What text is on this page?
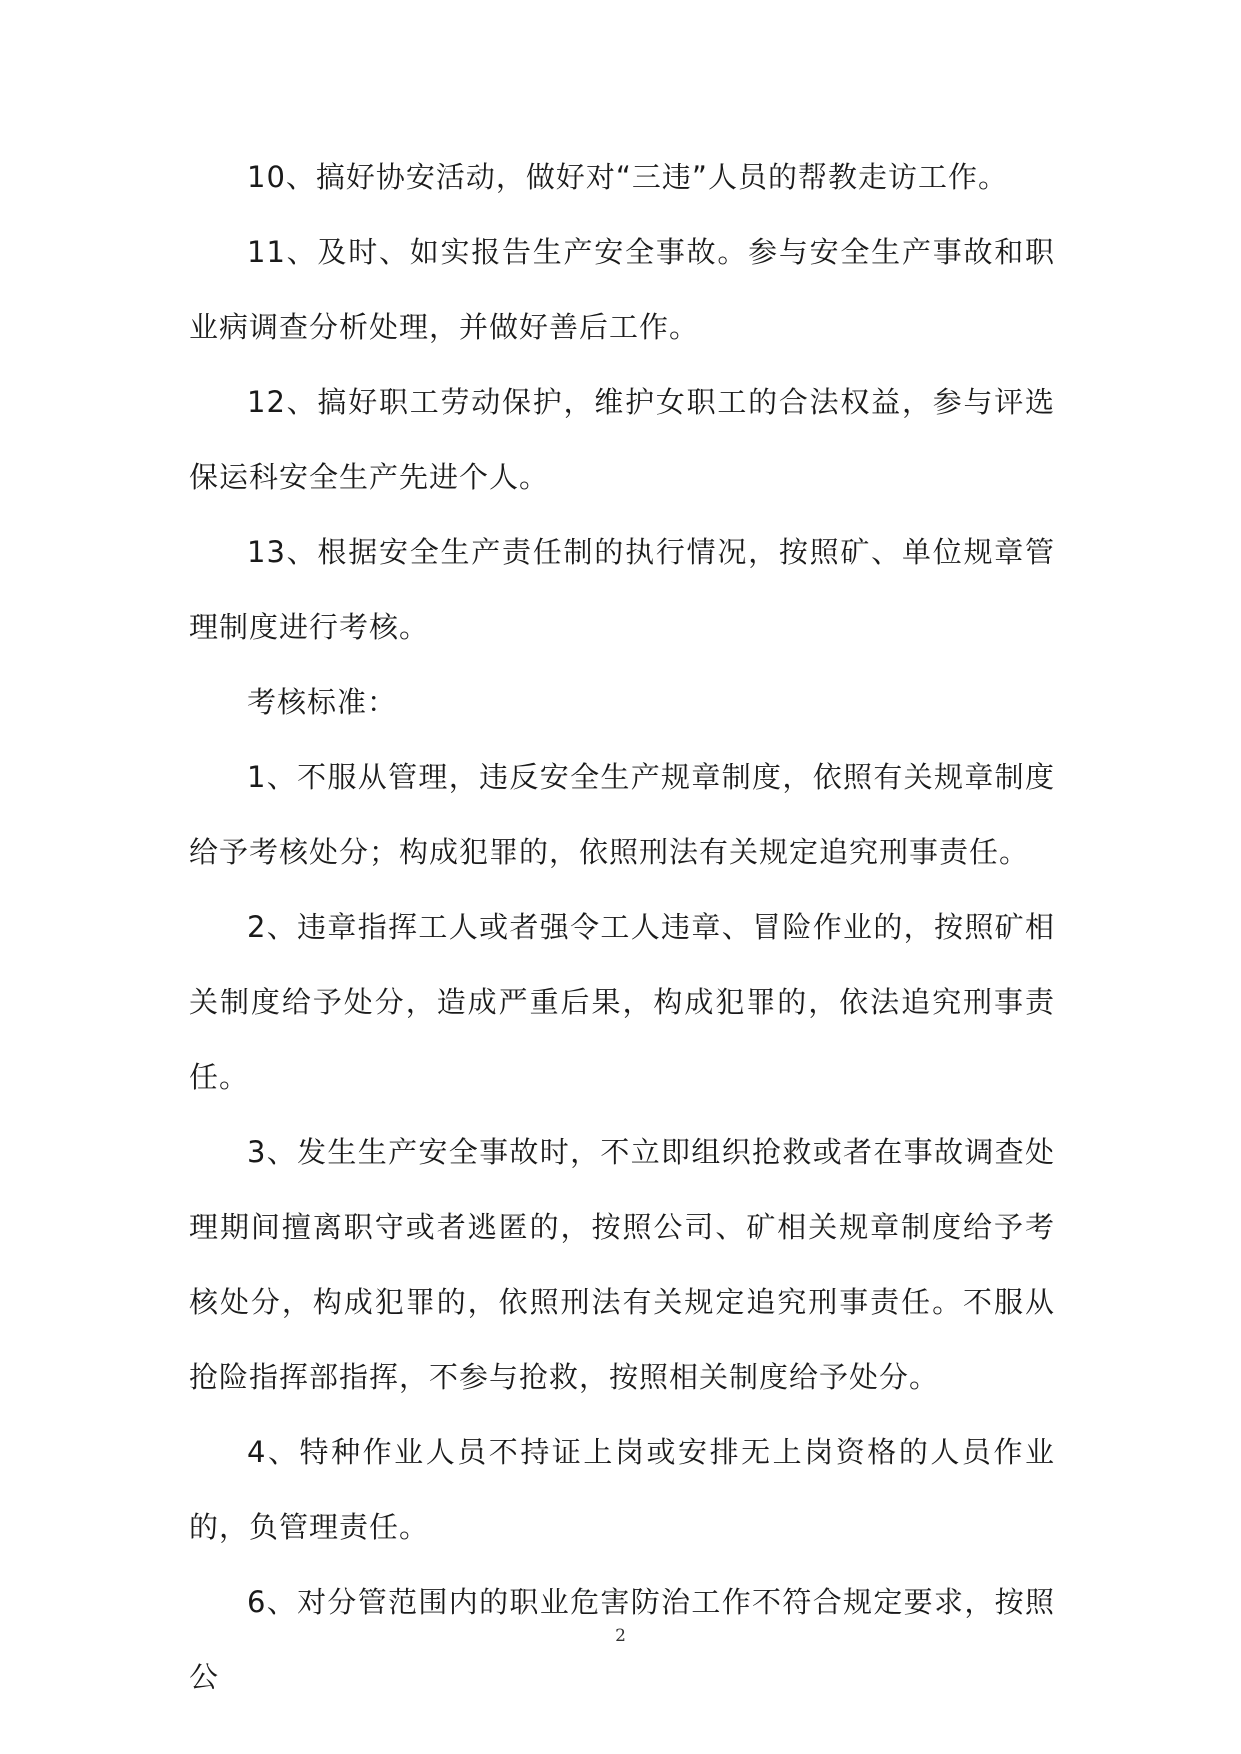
10、搞好协安活动，做好对“三违”人员的帮教走访工作。

11、及时、如实报告生产安全事故。参与安全生产事故和职业病调查分析处理，并做好善后工作。

12、搞好职工劳动保护，维护女职工的合法权益，参与评选保运科安全生产先进个人。

13、根据安全生产责任制的执行情况，按照矿、单位规章管理制度进行考核。

考核标准：

1、不服从管理，违反安全生产规章制度，依照有关规章制度给予考核处分；构成犯罪的，依照刑法有关规定追究刑事责任。

2、违章指挥工人或者强令工人违章、冒险作业的，按照矿相关制度给予处分，造成严重后果，构成犯罪的，依法追究刑事责任。

3、发生生产安全事故时，不立即组织抢救或者在事故调查处理期间擅离职守或者逃匿的，按照公司、矿相关规章制度给予考核处分，构成犯罪的，依照刑法有关规定追究刑事责任。不服从抢险指挥部指挥，不参与抢救，按照相关制度给予处分。

4、特种作业人员不持证上岗或安排无上岗资格的人员作业的，负管理责任。

6、对分管范围内的职业危害防治工作不符合规定要求，按照公

2
